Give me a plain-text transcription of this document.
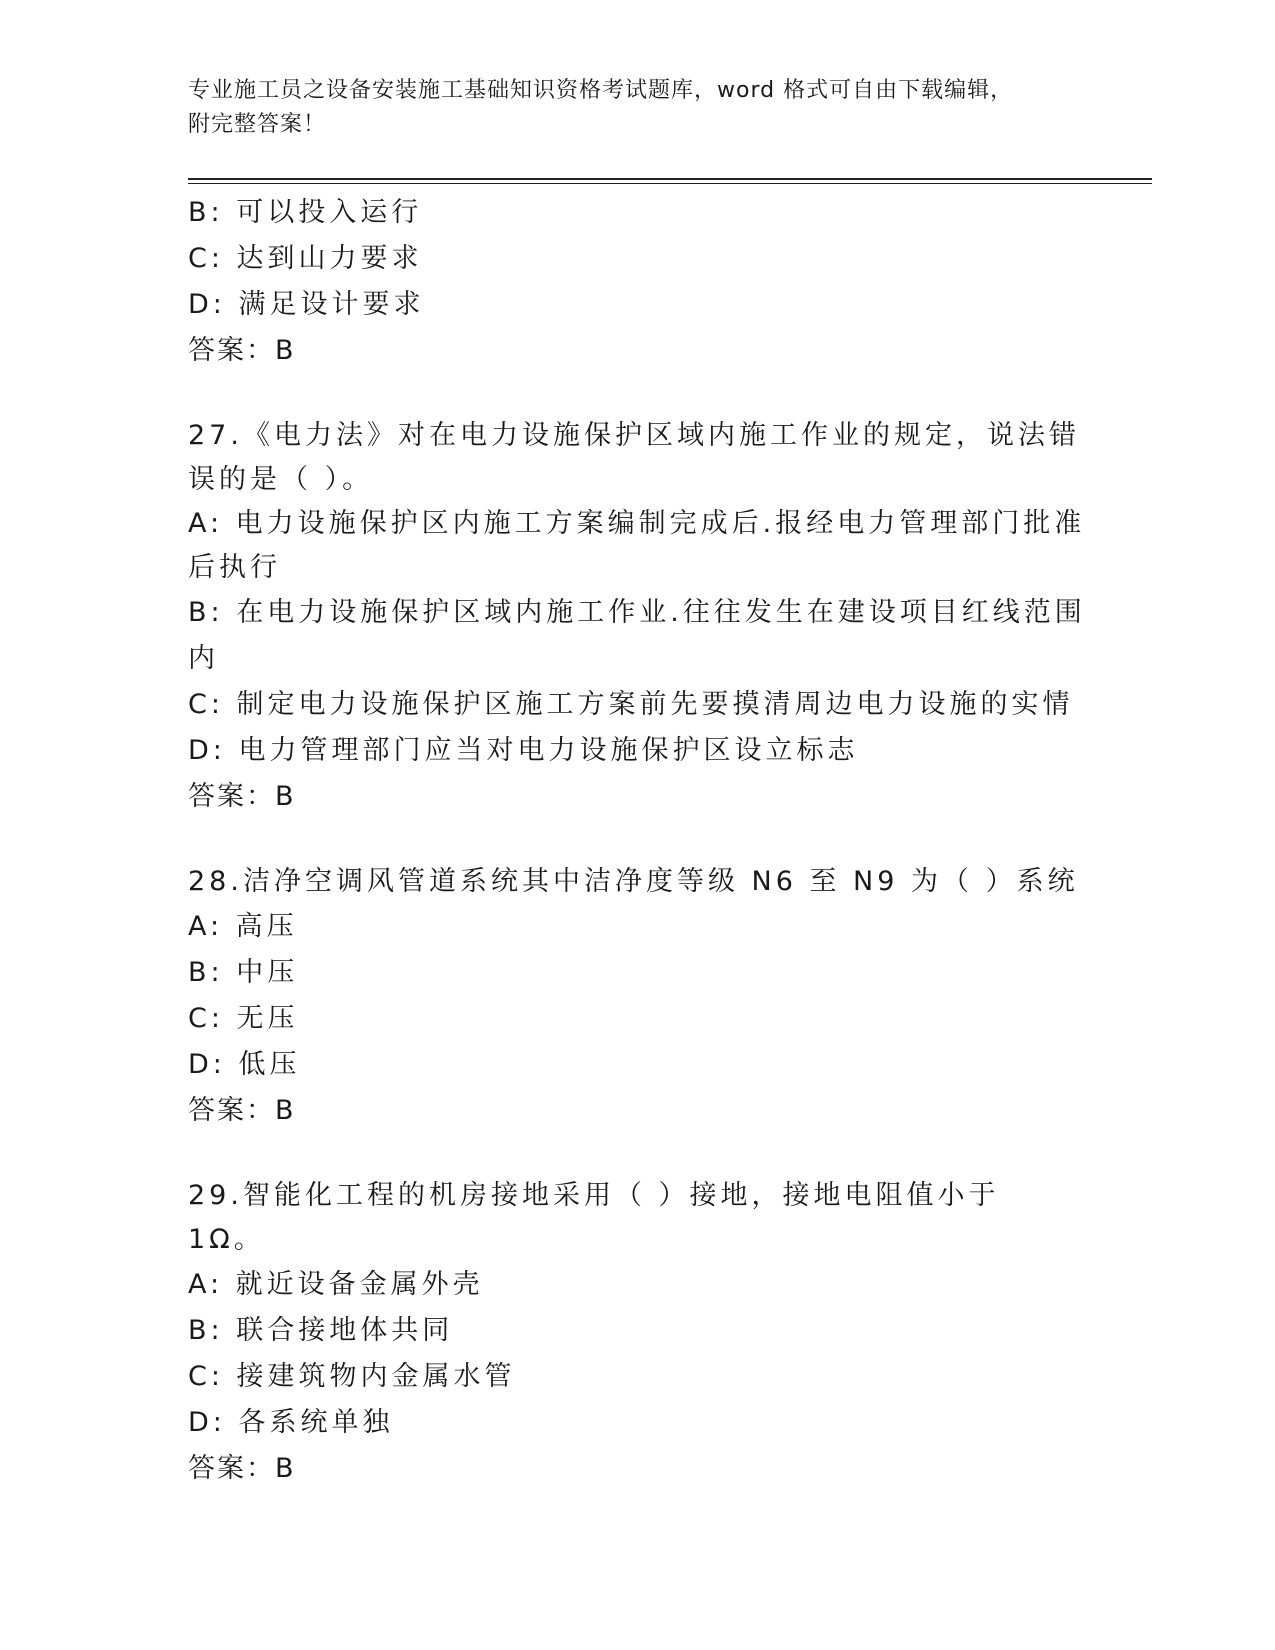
专业施工员之设备安装施工基础知识资格考试题库，word 格式可自由下载编辑，
附完整答案！
B: 可以投入运行
C: 达到山力要求
D: 满足设计要求
答案：B
27.《电力法》对在电力设施保护区域内施工作业的规定，说法错误的是（ ）。
A: 电力设施保护区内施工方案编制完成后.报经电力管理部门批准后执行
B: 在电力设施保护区域内施工作业.往往发生在建设项目红线范围内
C: 制定电力设施保护区施工方案前先要摸清周边电力设施的实情
D: 电力管理部门应当对电力设施保护区设立标志
答案：B
28.洁净空调风管道系统其中洁净度等级 N6 至 N9 为（ ）系统
A: 高压
B: 中压
C: 无压
D: 低压
答案：B
29.智能化工程的机房接地采用（ ）接地，接地电阻值小于 1Ω。
A: 就近设备金属外壳
B: 联合接地体共同
C: 接建筑物内金属水管
D: 各系统单独
答案：B
